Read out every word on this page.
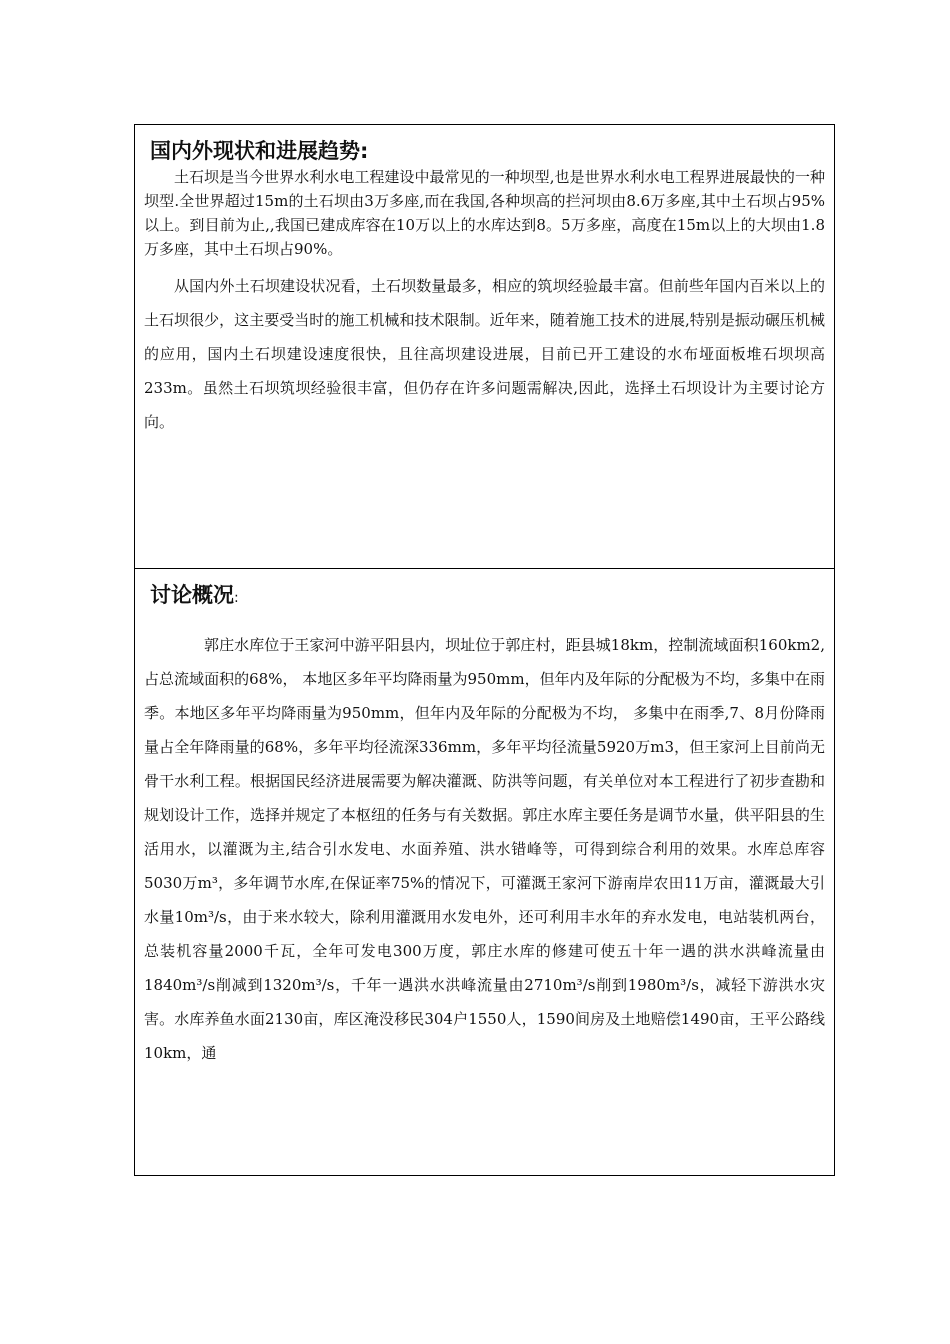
国内外现状和进展趋势:

土石坝是当今世界水利水电工程建设中最常见的一种坝型,也是世界水利水电工程界进展最快的一种坝型.全世界超过15m的土石坝由3万多座,而在我国,各种坝高的拦河坝由8.6万多座,其中土石坝占95%以上。到目前为止,,我国已建成库容在10万以上的水库达到8。5万多座，高度在15m以上的大坝由1.8万多座，其中土石坝占90%。

从国内外土石坝建设状况看，土石坝数量最多，相应的筑坝经验最丰富。但前些年国内百米以上的土石坝很少，这主要受当时的施工机械和技术限制。近年来，随着施工技术的进展,特别是振动碾压机械的应用，国内土石坝建设速度很快，且往高坝建设进展，目前已开工建设的水布垭面板堆石坝坝高233m。虽然土石坝筑坝经验很丰富，但仍存在许多问题需解决,因此，选择土石坝设计为主要讨论方向。

讨论概况:

郭庄水库位于王家河中游平阳县内，坝址位于郭庄村，距县城18km，控制流域面积160km2,占总流域面积的68%， 本地区多年平均降雨量为950mm，但年内及年际的分配极为不均，多集中在雨季。本地区多年平均降雨量为950mm，但年内及年际的分配极为不均， 多集中在雨季,7、8月份降雨量占全年降雨量的68%，多年平均径流深336mm，多年平均径流量5920万m3，但王家河上目前尚无骨干水利工程。根据国民经济进展需要为解决灌溉、防洪等问题，有关单位对本工程进行了初步查勘和规划设计工作，选择并规定了本枢纽的任务与有关数据。郭庄水库主要任务是调节水量，供平阳县的生活用水，以灌溉为主,结合引水发电、水面养殖、洪水错峰等，可得到综合利用的效果。水库总库容5030万m³，多年调节水库,在保证率75%的情况下，可灌溉王家河下游南岸农田11万亩，灌溉最大引水量10m³/s，由于来水较大，除利用灌溉用水发电外，还可利用丰水年的弃水发电，电站装机两台，总装机容量2000千瓦，全年可发电300万度，郭庄水库的修建可使五十年一遇的洪水洪峰流量由1840m³/s削减到1320m³/s，千年一遇洪水洪峰流量由2710m³/s削到1980m³/s，减轻下游洪水灾害。水库养鱼水面2130亩，库区淹没移民304户1550人，1590间房及土地赔偿1490亩，王平公路线10km，通
